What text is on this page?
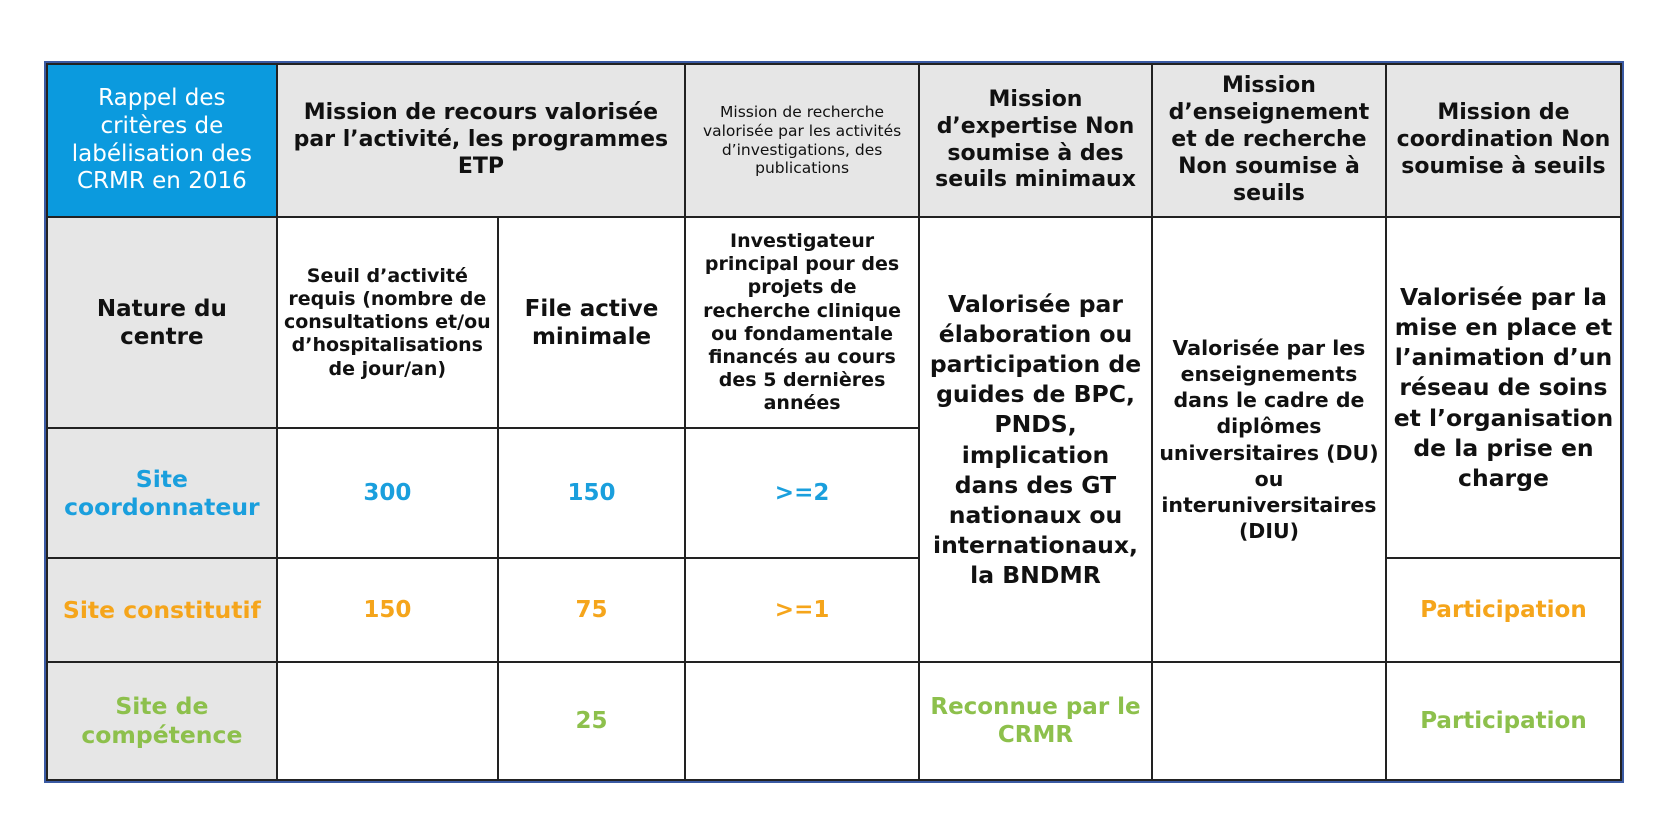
Rappel des critères de labélisation des CRMR en 2016	Mission de recours valorisée par l’activité, les programmes ETP		Mission de recherche valorisée par les activités d’investigations, des publications	Mission d’expertise Non soumise à des seuils minimaux	Mission d’enseignement et de recherche Non soumise à seuils	Mission de coordination Non soumise à seuils
Nature du centre	Seuil d’activité requis (nombre de consultations et/ou d’hospitalisations de jour/an)	File active minimale	Investigateur principal pour des projets de recherche clinique ou fondamentale financés au cours des 5 dernières années	Valorisée par élaboration ou participation de guides de BPC, PNDS, implication dans des GT nationaux ou internationaux, la BNDMR	Valorisée par les enseignements dans le cadre de diplômes universitaires (DU) ou interuniversitaires (DIU)	Valorisée par la mise en place et l’animation d’un réseau de soins et l’organisation de la prise en charge
Site coordonnateur	300	150	>=2			
Site constitutif	150	75	>=1			Participation
Site de compétence		25		Reconnue par le CRMR		Participation
